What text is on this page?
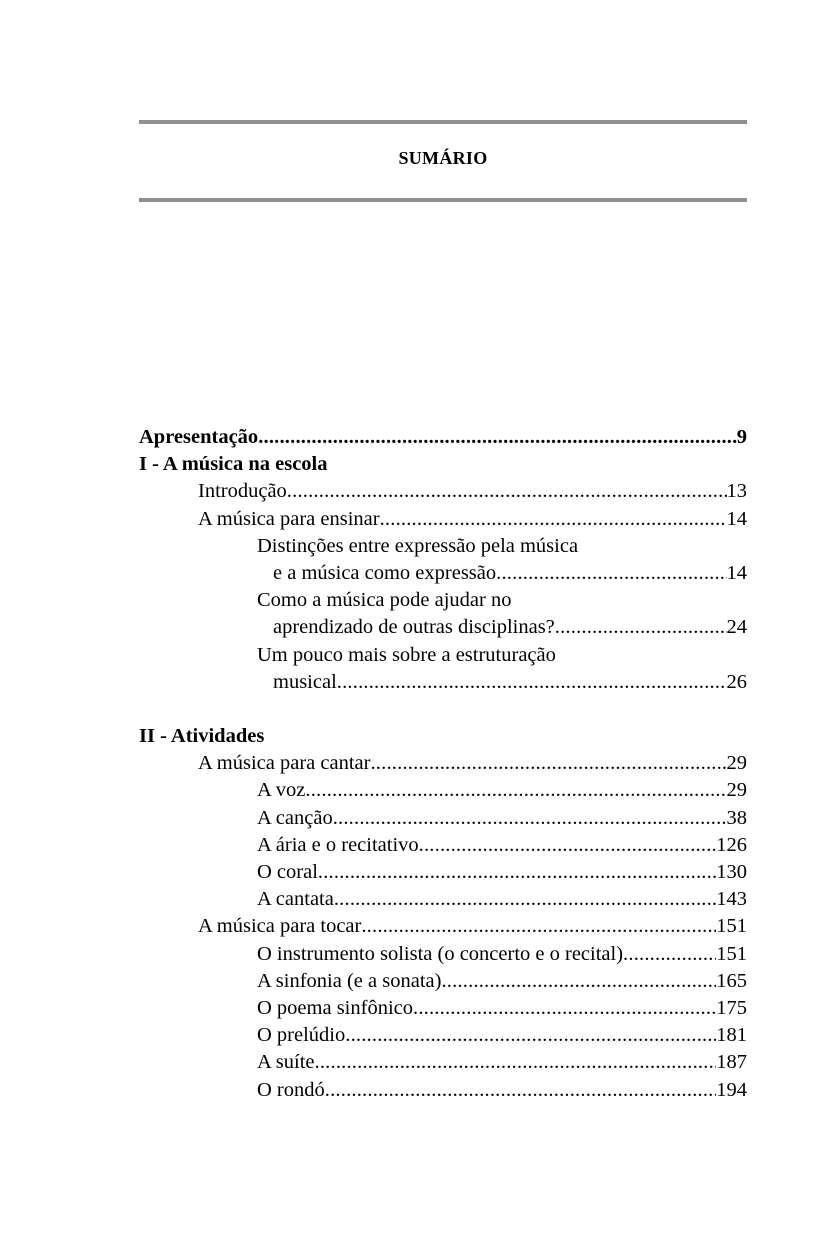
SUMÁRIO
Apresentação .....	9
I - A música na escola
Introdução .....	13
A música para ensinar .....	14
Distinções entre expressão pela música
e a música como expressão .....	14
Como a música pode ajudar no
aprendizado de outras disciplinas? .....	24
Um pouco mais sobre a estruturação
musical .....	26
II - Atividades
A música para cantar .....	29
A voz .....	29
A canção .....	38
A ária e o recitativo .....	126
O coral .....	130
A cantata .....	143
A música para tocar .....	151
O instrumento solista (o concerto e o recital) .....	151
A sinfonia (e a sonata) .....	165
O poema sinfônico .....	175
O prelúdio .....	181
A suíte .....	187
O rondó .....	194
